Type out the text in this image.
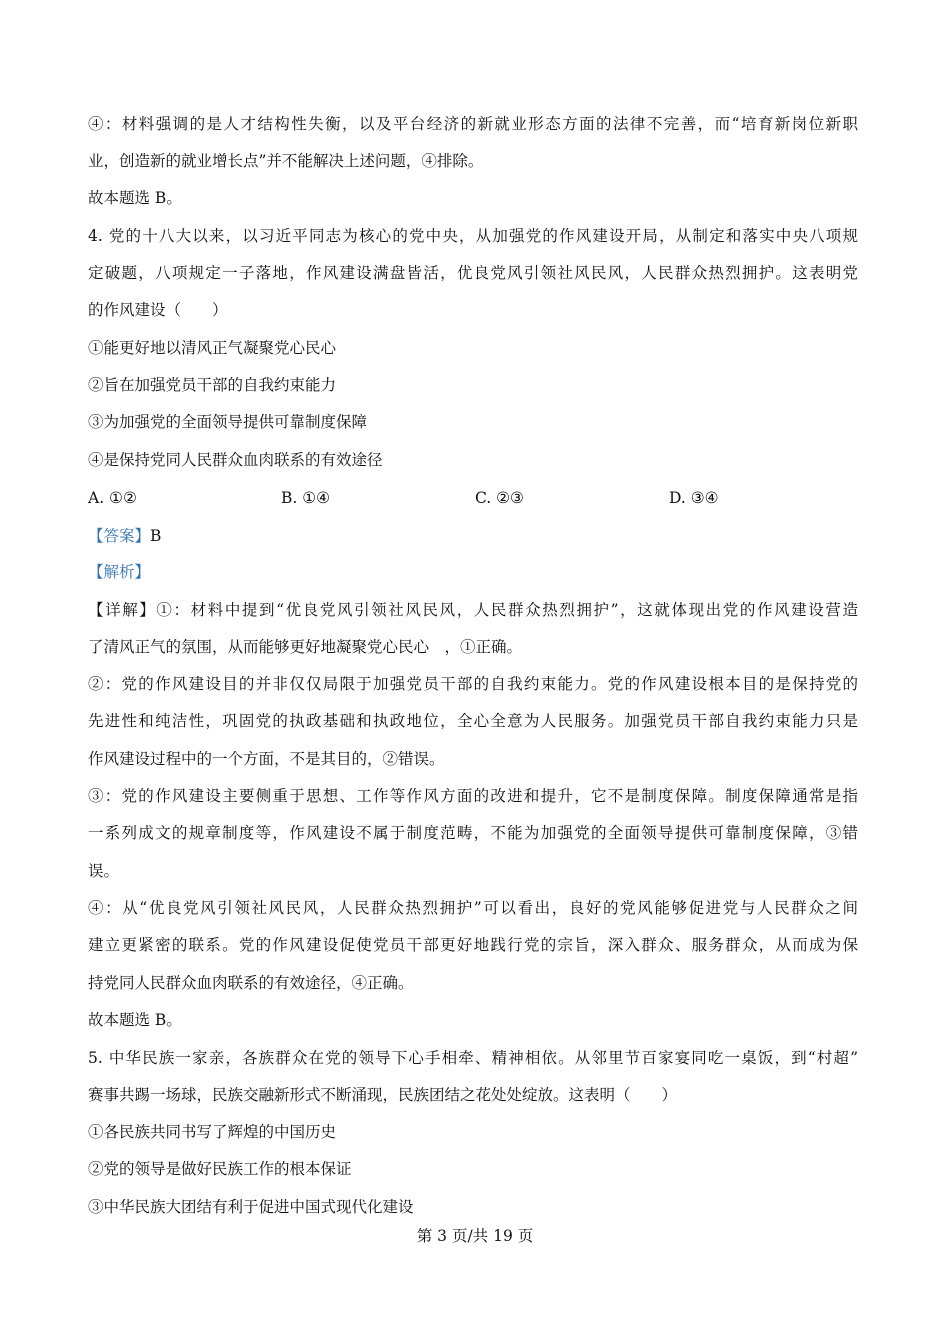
④：材料强调的是人才结构性失衡，以及平台经济的新就业形态方面的法律不完善，而“培育新岗位新职
业，创造新的就业增长点”并不能解决上述问题，④排除。
故本题选 B。
4. 党的十八大以来，以习近平同志为核心的党中央，从加强党的作风建设开局，从制定和落实中央八项规
定破题，八项规定一子落地，作风建设满盘皆活，优良党风引领社风民风，人民群众热烈拥护。这表明党
的作风建设（　　）
①能更好地以清风正气凝聚党心民心
②旨在加强党员干部的自我约束能力
③为加强党的全面领导提供可靠制度保障
④是保持党同人民群众血肉联系的有效途径
A. ①②	B. ①④	C. ②③	D. ③④
【答案】B
【解析】
【详解】①：材料中提到“优良党风引领社风民风，人民群众热烈拥护”，这就体现出党的作风建设营造
了清风正气的氛围，从而能够更好地凝聚党心民心　，①正确。
②：党的作风建设目的并非仅仅局限于加强党员干部的自我约束能力。党的作风建设根本目的是保持党的
先进性和纯洁性，巩固党的执政基础和执政地位，全心全意为人民服务。加强党员干部自我约束能力只是
作风建设过程中的一个方面，不是其目的，②错误。
③：党的作风建设主要侧重于思想、工作等作风方面的改进和提升，它不是制度保障。制度保障通常是指
一系列成文的规章制度等，作风建设不属于制度范畴，不能为加强党的全面领导提供可靠制度保障，③错
误。
④：从“优良党风引领社风民风，人民群众热烈拥护”可以看出，良好的党风能够促进党与人民群众之间
建立更紧密的联系。党的作风建设促使党员干部更好地践行党的宗旨，深入群众、服务群众，从而成为保
持党同人民群众血肉联系的有效途径，④正确。
故本题选 B。
5. 中华民族一家亲，各族群众在党的领导下心手相牵、精神相依。从邻里节百家宴同吃一桌饭，到“村超”
赛事共踢一场球，民族交融新形式不断涌现，民族团结之花处处绽放。这表明（　　）
①各民族共同书写了辉煌的中国历史
②党的领导是做好民族工作的根本保证
③中华民族大团结有利于促进中国式现代化建设
第 3 页/共 19 页
